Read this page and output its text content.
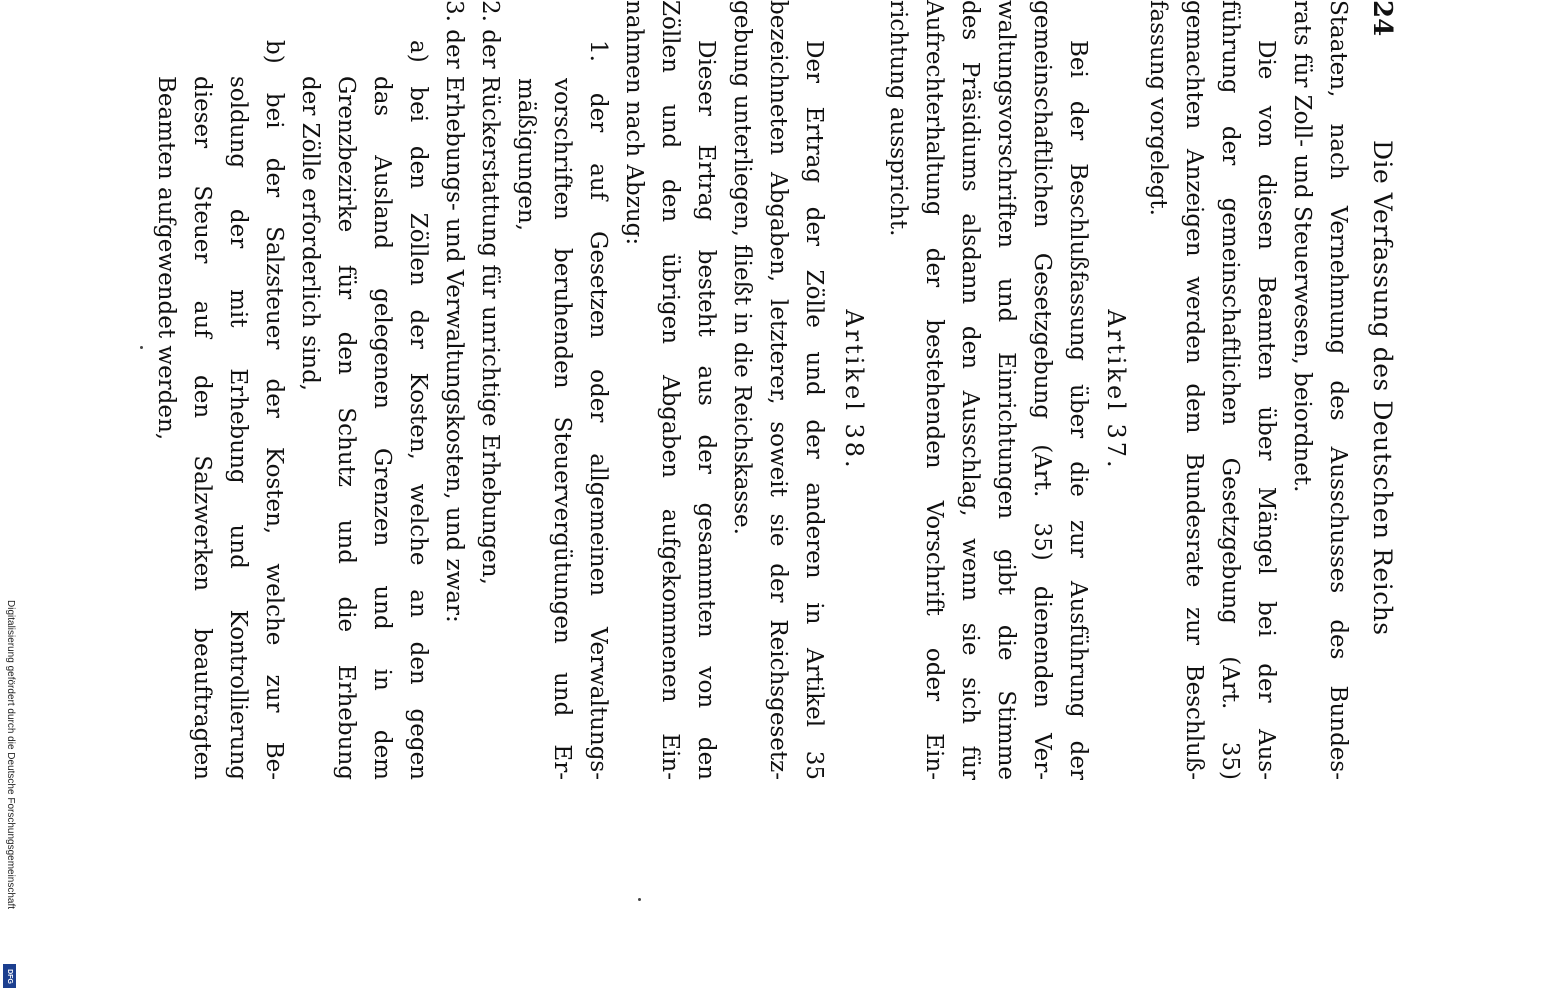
Digitalisierung gefördert durch die Deutsche Forschungsgemeinschaft
DFG
24
Die Verfassung des Deutschen Reichs
Staaten, nach Vernehmung des Ausschusses des Bundes-
rats für Zoll- und Steuerwesen, beiordnet.
Die von diesen Beamten über Mängel bei der Aus-
führung der gemeinschaftlichen Gesetzgebung (Art. 35)
gemachten Anzeigen werden dem Bundesrate zur Beschluß-
fassung vorgelegt.
Artikel 37.
Bei der Beschlußfassung über die zur Ausführung der
gemeinschaftlichen Gesetzgebung (Art. 35) dienenden Ver-
waltungsvorschriften und Einrichtungen gibt die Stimme
des Präsidiums alsdann den Ausschlag, wenn sie sich für
Aufrechterhaltung der bestehenden Vorschrift oder Ein-
richtung ausspricht.
Artikel 38.
Der Ertrag der Zölle und der anderen in Artikel 35
bezeichneten Abgaben, letzterer, soweit sie der Reichsgesetz-
gebung unterliegen, fließt in die Reichskasse.
Dieser Ertrag besteht aus der gesammten von den
Zöllen und den übrigen Abgaben aufgekommenen Ein-
nahmen nach Abzug:
1. der auf Gesetzen oder allgemeinen Verwaltungs-
vorschriften beruhenden Steuervergütungen und Er-
mäßigungen,
2. der Rückerstattung für unrichtige Erhebungen,
3. der Erhebungs- und Verwaltungskosten, und zwar:
a) bei den Zöllen der Kosten, welche an den gegen
das Ausland gelegenen Grenzen und in dem
Grenzbezirke für den Schutz und die Erhebung
der Zölle erforderlich sind,
b) bei der Salzsteuer der Kosten, welche zur Be-
soldung der mit Erhebung und Kontrollierung
dieser Steuer auf den Salzwerken beauftragten
Beamten aufgewendet werden,
